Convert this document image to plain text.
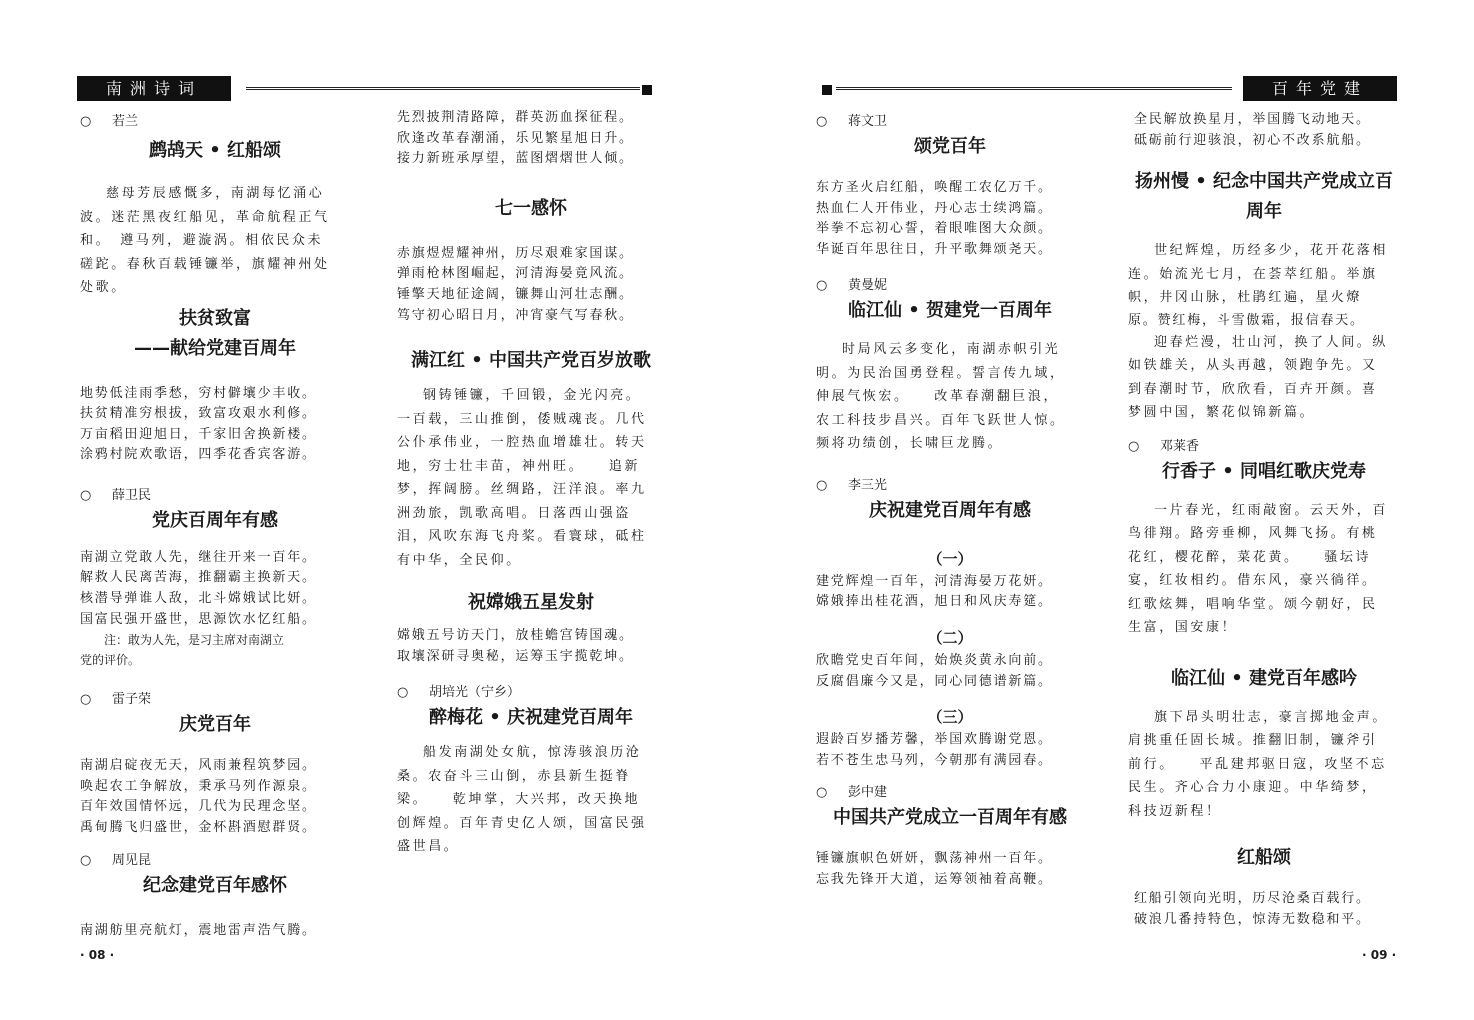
南洲诗词	百年党建

○ 若兰

鹧鸪天 • 红船颂

慈母芳辰感慨多，南湖每忆涌心

波。迷茫黑夜红船见，革命航程正气

和。　遵马列，避漩涡。相依民众未

磋跎。春秋百载锤镰举，旗耀神州处

处歌。

扶贫致富

——献给党建百周年

地势低洼雨季愁，穷村僻壤少丰收。

扶贫精准穷根拔，致富攻艰水利修。

万亩稻田迎旭日，千家旧舍换新楼。

涂鸦村院欢歌语，四季花香宾客游。

○ 薛卫民

党庆百周年有感

南湖立党敢人先，继往开来一百年。

解救人民离苦海，推翻霸主换新天。

核潜导弹谁人敌，北斗嫦娥试比妍。

国富民强开盛世，思源饮水忆红船。

注：敢为人先，是习主席对南湖立

党的评价。

○ 雷子荣

庆党百年

南湖启碇夜无天，风雨兼程筑梦园。

唤起农工争解放，秉承马列作源泉。

百年效国情怀远，几代为民理念坚。

禹甸腾飞归盛世，金杯斟酒慰群贤。

○ 周见昆

纪念建党百年感怀

南湖舫里亮航灯，震地雷声浩气腾。

先烈披荆清路障，群英沥血探征程。

欣逢改革春潮涌，乐见繁星旭日升。

接力新班承厚望，蓝图熠熠世人倾。

七一感怀

赤旗煜煜耀神州，历尽艰难家国谋。

弹雨枪林图崛起，河清海晏竟风流。

锤擎天地征途阔，镰舞山河壮志酬。

笃守初心昭日月，冲宵豪气写春秋。

满江红 • 中国共产党百岁放歌

钢铸锤镰，千回锻，金光闪亮。

一百载，三山推倒，倭贼魂丧。几代

公仆承伟业，一腔热血增雄壮。转天

地，穷士壮丰苗，神州旺。　　追新

梦，挥阔膀。丝绸路，汪洋浪。率九

洲劲旅，凯歌高唱。日落西山强盗

泪，风吹东海飞舟桨。看寰球，砥柱

有中华，全民仰。

祝嫦娥五星发射

嫦娥五号访天门，放桂蟾宫铸国魂。

取壤深研寻奥秘，运筹玉宇揽乾坤。

○ 胡培光（宁乡）

醉梅花 • 庆祝建党百周年

船发南湖处女航，惊涛骇浪历沧

桑。农奋斗三山倒，赤县新生挺脊

梁。　　乾坤掌，大兴邦，改天换地

创辉煌。百年青史亿人颂，国富民强

盛世昌。

○ 蒋文卫

颂党百年

东方圣火启红船，唤醒工农亿万千。

热血仁人开伟业，丹心志士续鸿篇。

举拳不忘初心誓，着眼唯图大众颜。

华诞百年思往日，升平歌舞颂尧天。

○ 黄曼妮

临江仙 • 贺建党一百周年

时局风云多变化，南湖赤帜引光

明。为民治国勇登程。誓言传九域，

伸展气恢宏。　　改革春潮翻巨浪，

农工科技步昌兴。百年飞跃世人惊。

频将功绩创，长啸巨龙腾。

○ 李三光

庆祝建党百周年有感

（一）

建党辉煌一百年，河清海晏万花妍。

嫦娥捧出桂花酒，旭日和风庆寿筵。

（二）

欣瞻党史百年间，始焕炎黄永向前。

反腐倡廉今又是，同心同德谱新篇。

（三）

遐龄百岁播芳馨，举国欢腾谢党恩。

若不苍生忠马列，今朝那有满园春。

○ 彭中建

中国共产党成立一百周年有感

锤镰旗帜色妍妍，飘荡神州一百年。

忘我先锋开大道，运筹领袖着高鞭。

全民解放换星月，举国腾飞动地天。

砥砺前行迎骇浪，初心不改系航船。

扬州慢 • 纪念中国共产党成立百

周年

世纪辉煌，历经多少，花开花落相

连。始流光七月，在荟萃红船。举旗

帜，井冈山脉，杜鹃红遍，星火燎

原。赞红梅，斗雪傲霜，报信春天。

迎春烂漫，壮山河，换了人间。纵

如铁雄关，从头再越，领跑争先。又

到春潮时节，欣欣看，百卉开颜。喜

梦圆中国，繁花似锦新篇。

○ 邓莱香

行香子 • 同唱红歌庆党寿

一片春光，红雨敲窗。云天外，百

鸟徘翔。路旁垂柳，风舞飞扬。有桃

花红，樱花醉，菜花黄。　　骚坛诗

宴，红妆相约。借东风，豪兴徜徉。

红歌炫舞，唱响华堂。颂今朝好，民

生富，国安康！

临江仙 • 建党百年感吟

旗下昂头明壮志，豪言掷地金声。

肩挑重任固长城。推翻旧制，镰斧引

前行。　　平乱建邦驱日寇，攻坚不忘

民生。齐心合力小康迎。中华绮梦，

科技迈新程！

红船颂

红船引领向光明，历尽沧桑百载行。

破浪几番持特色，惊涛无数稳和平。

· 08 ·	· 09 ·
